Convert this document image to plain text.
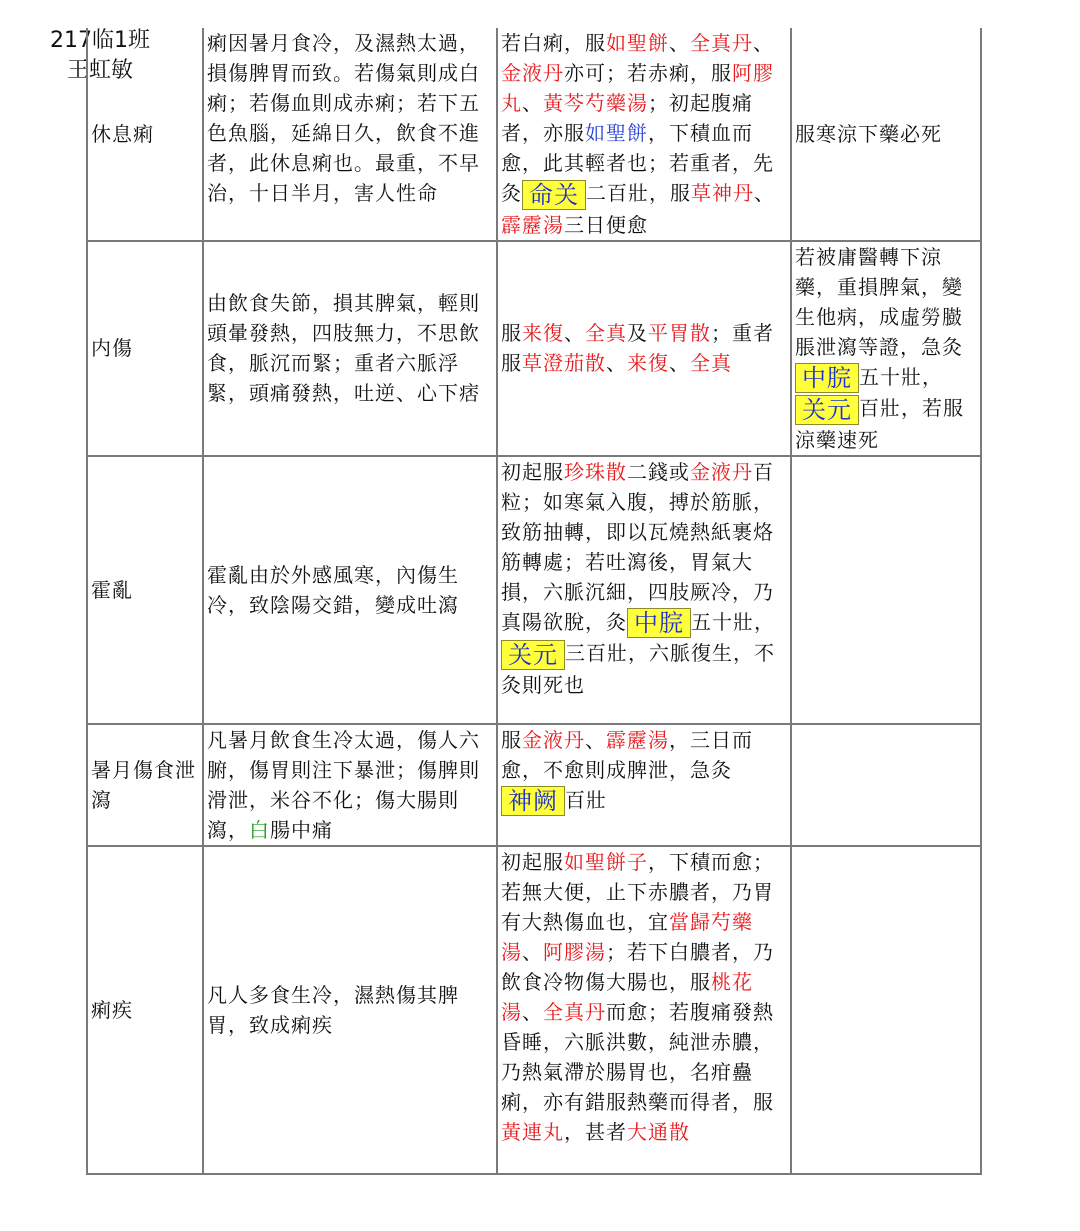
217临1班
王虹敏
休息痢	痢因暑月食冷，及濕熱太過，損傷脾胃而致。若傷氣則成白痢；若傷血則成赤痢；若下五色魚腦，延綿日久，飲食不進者，此休息痢也。最重，不早治，十日半月，害人性命	若白痢，服如聖餅、全真丹、金液丹亦可；若赤痢，服阿膠丸、黃芩芍藥湯；初起腹痛者，亦服如聖餅，下積血而愈，此其輕者也；若重者，先灸 命关 二百壯，服草神丹、霹靂湯三日便愈	服寒涼下藥必死
内傷	由飲食失節，損其脾氣，輕則頭暈發熱，四肢無力，不思飲食，脈沉而緊；重者六脈浮緊，頭痛發熱，吐逆、心下痞	服来復、全真及平胃散；重者服草澄茄散、来復、全真	若被庸醫轉下涼藥，重損脾氣，變生他病，成虛勞臌脹泄瀉等證，急灸中脘 五十壯，关元 百壯，若服涼藥速死
霍亂	霍亂由於外感風寒，內傷生冷，致陰陽交錯，變成吐瀉	初起服珍珠散二錢或金液丹百粒；如寒氣入腹，搏於筋脈，致筋抽轉，即以瓦燒熱紙裹烙筋轉處；若吐瀉後，胃氣大損，六脈沉細，四肢厥冷，乃真陽欲脫，灸 中脘 五十壯，关元 三百壯，六脈復生，不灸則死也	
暑月傷食泄瀉	凡暑月飲食生冷太過，傷人六腑，傷胃則注下暴泄；傷脾則滑泄，米谷不化；傷大腸則瀉，白腸中痛	服金液丹、霹靂湯，三日而愈，不愈則成脾泄，急灸神阙 百壯	
痢疾	凡人多食生冷，濕熱傷其脾胃，致成痢疾	初起服如聖餅子，下積而愈；若無大便，止下赤膿者，乃胃有大熱傷血也，宜當歸芍藥湯、阿膠湯；若下白膿者，乃飲食冷物傷大腸也，服桃花湯、全真丹而愈；若腹痛發熱昏睡，六脈洪數，純泄赤膿，乃熱氣滯於腸胃也，名疳蠱痢，亦有錯服熱藥而得者，服黃連丸，甚者大通散	
